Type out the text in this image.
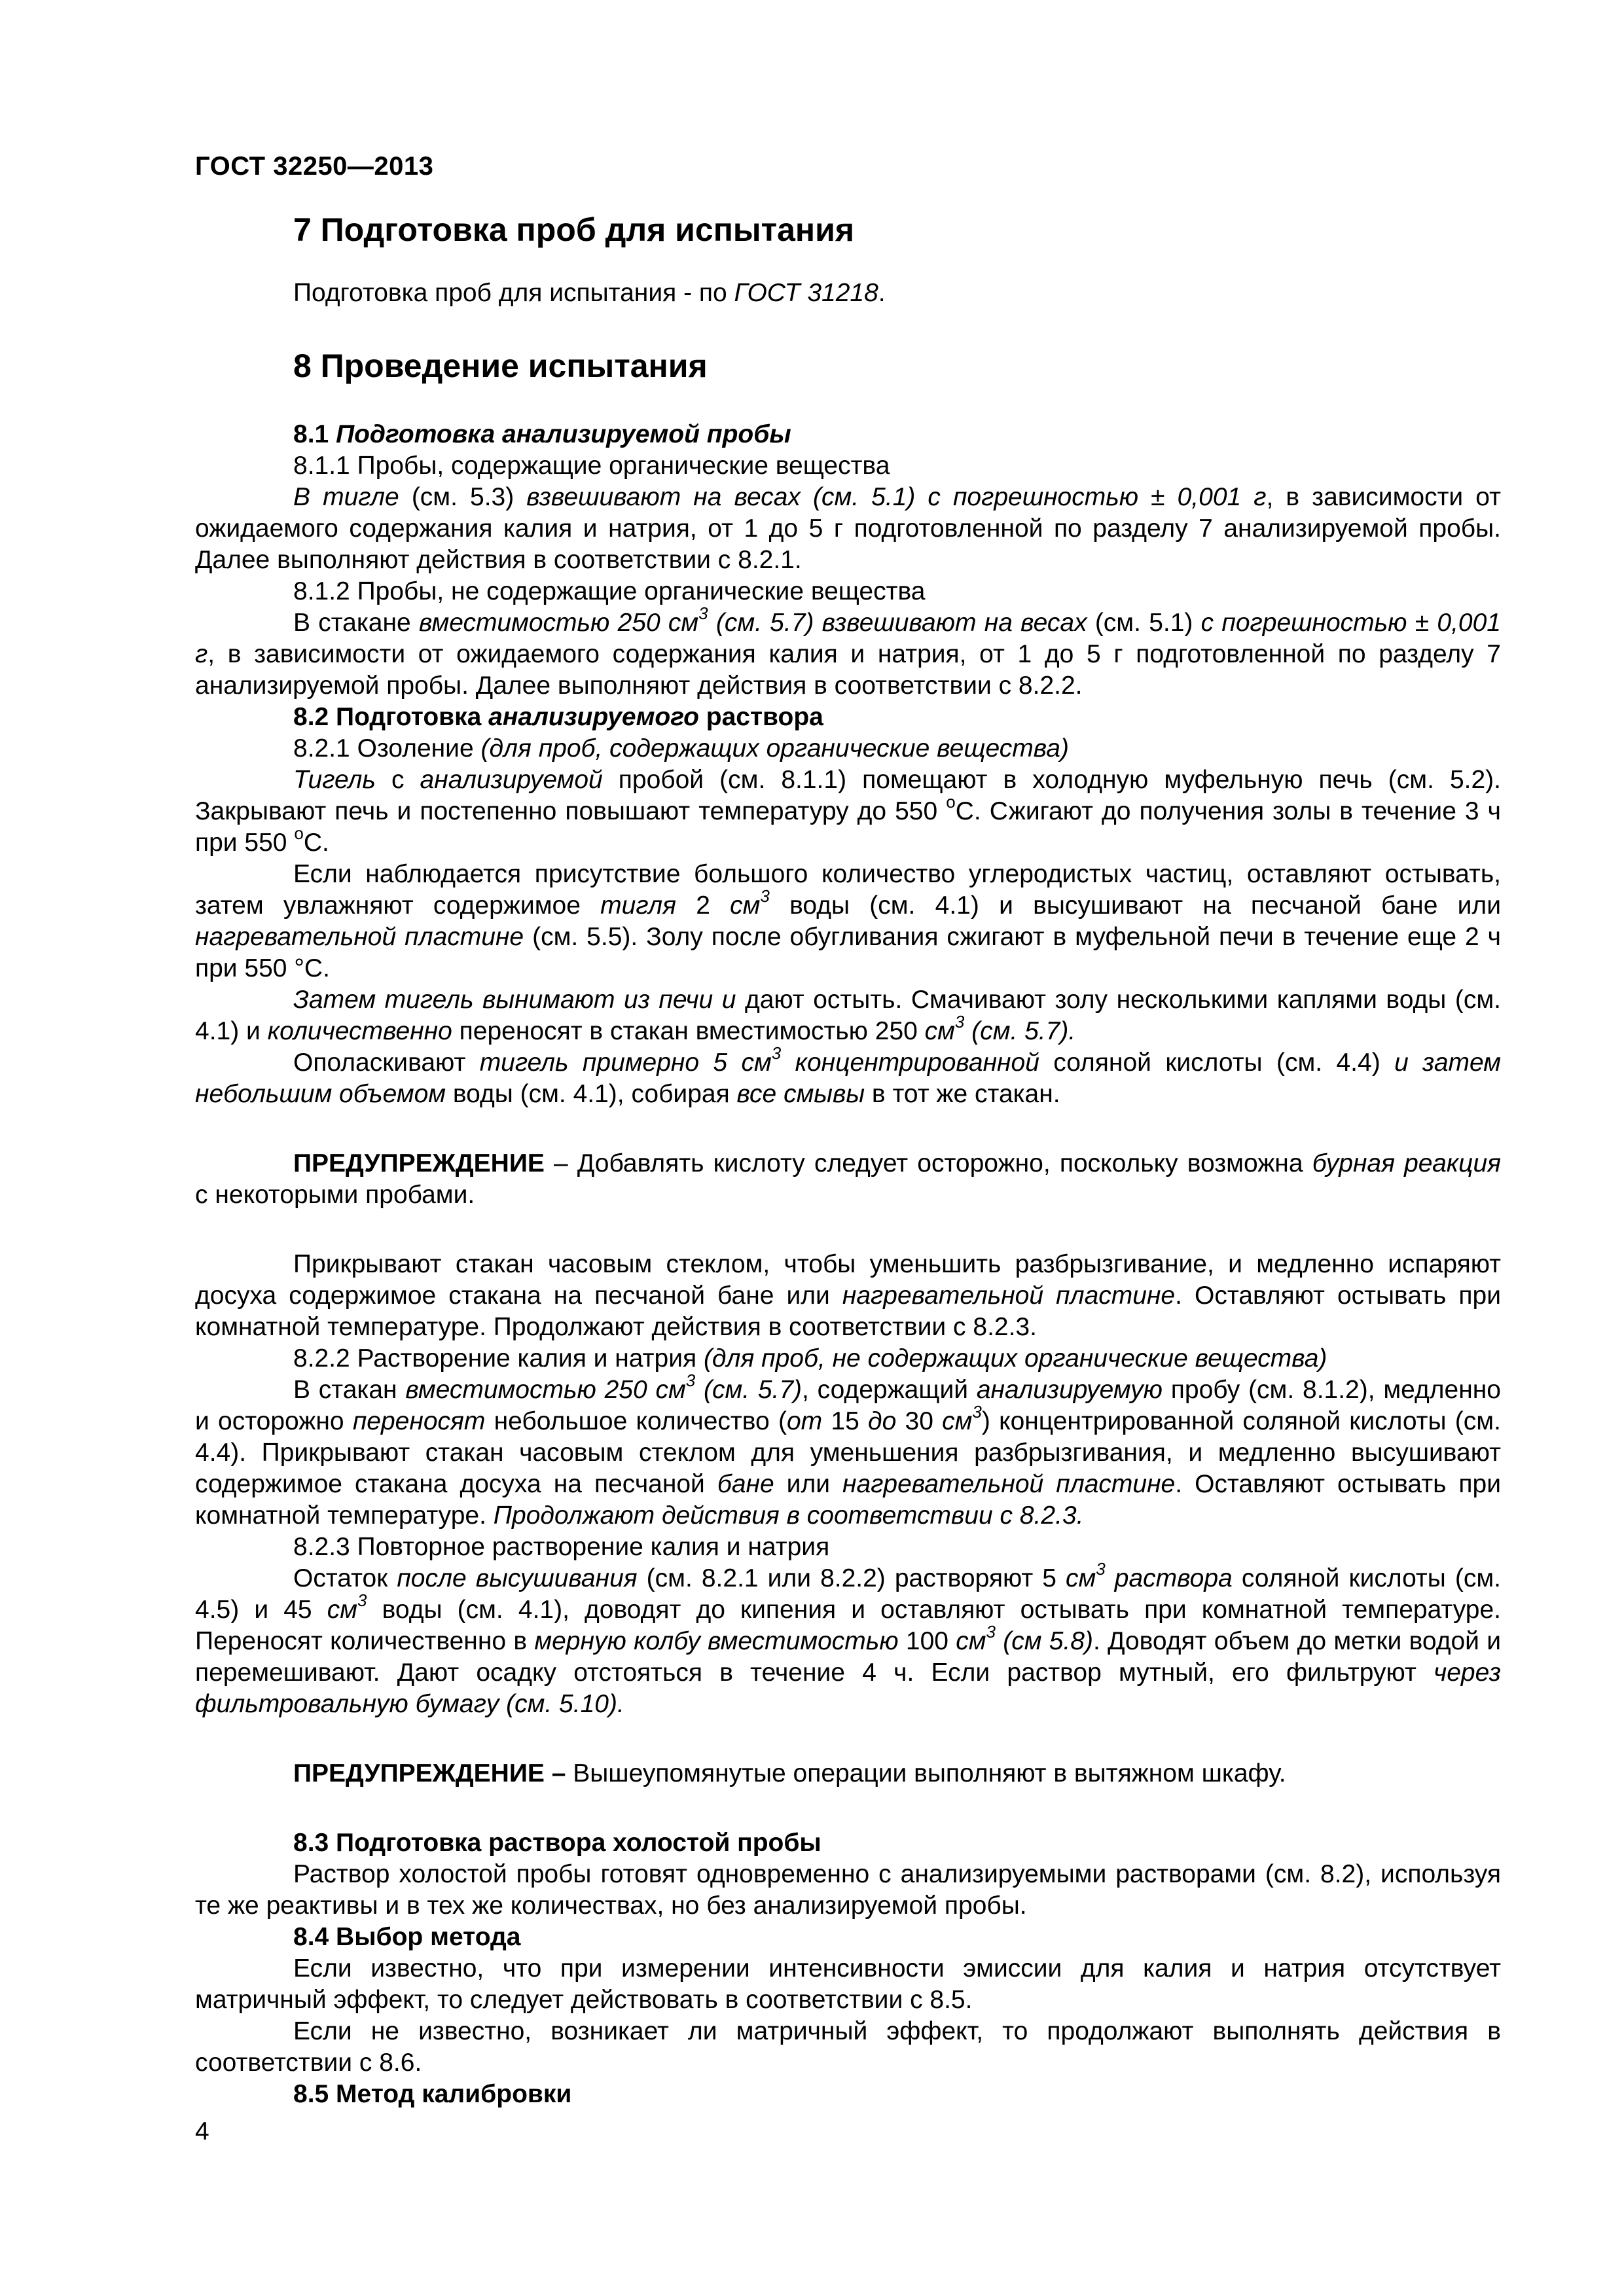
ГОСТ 32250—2013
7 Подготовка проб для испытания

Подготовка проб для испытания - по ГОСТ 31218.

8 Проведение испытания

8.1 Подготовка анализируемой пробы

8.1.1 Пробы, содержащие органические вещества

В тигле (см. 5.3) взвешивают на весах (см. 5.1) с погрешностью ± 0,001 г, в зависимости от ожидаемого содержания калия и натрия, от 1 до 5 г подготовленной по разделу 7 анализируемой пробы. Далее выполняют действия в соответствии с 8.2.1.

8.1.2 Пробы, не содержащие органические вещества

В стакане вместимостью 250 $см^3$ (см. 5.7) взвешивают на весах (см. 5.1) с погрешностью ± 0,001 г, в зависимости от ожидаемого содержания калия и натрия, от 1 до 5 г подготовленной по разделу 7 анализируемой пробы. Далее выполняют действия в соответствии с 8.2.2.

8.2 Подготовка анализируемого раствора

8.2.1 Озоление (для проб, содержащих органические вещества)

Тигель с анализируемой пробой (см. 8.1.1) помещают в холодную муфельную печь (см. 5.2). Закрывают печь и постепенно повышают температуру до 550 $^o$С. Сжигают до получения золы в течение 3 ч при 550 $^o$С.

Если наблюдается присутствие большого количество углеродистых частиц, оставляют остывать, затем увлажняют содержимое тигля 2 $см^3$ воды (см. 4.1) и высушивают на песчаной бане или нагревательной пластине (см. 5.5). Золу после обугливания сжигают в муфельной печи в течение еще 2 ч при 550 °С.

Затем тигель вынимают из печи и дают остыть. Смачивают золу несколькими каплями воды (см. 4.1) и количественно переносят в стакан вместимостью 250 $см^3$ (см. 5.7).

Ополаскивают тигель примерно 5 $см^3$ концентрированной соляной кислоты (см. 4.4) и затем небольшим объемом воды (см. 4.1), собирая все смывы в тот же стакан.

ПРЕДУПРЕЖДЕНИЕ – Добавлять кислоту следует осторожно, поскольку возможна бурная реакция с некоторыми пробами.

Прикрывают стакан часовым стеклом, чтобы уменьшить разбрызгивание, и медленно испаряют досуха содержимое стакана на песчаной бане или нагревательной пластине. Оставляют остывать при комнатной температуре. Продолжают действия в соответствии с 8.2.3.

8.2.2 Растворение калия и натрия (для проб, не содержащих органические вещества)

В стакан вместимостью 250 $см^3$ (см. 5.7), содержащий анализируемую пробу (см. 8.1.2), медленно и осторожно переносят небольшое количество (от 15 до 30 $см^3$) концентрированной соляной кислоты (см. 4.4). Прикрывают стакан часовым стеклом для уменьшения разбрызгивания, и медленно высушивают содержимое стакана досуха на песчаной бане или нагревательной пластине. Оставляют остывать при комнатной температуре. Продолжают действия в соответствии с 8.2.3.

8.2.3 Повторное растворение калия и натрия

Остаток после высушивания (см. 8.2.1 или 8.2.2) растворяют 5 $см^3$ раствора соляной кислоты (см. 4.5) и 45 $см^3$ воды (см. 4.1), доводят до кипения и оставляют остывать при комнатной температуре. Переносят количественно в мерную колбу вместимостью 100 $см^3$ (см 5.8). Доводят объем до метки водой и перемешивают. Дают осадку отстояться в течение 4 ч. Если раствор мутный, его фильтруют через фильтровальную бумагу (см. 5.10).

ПРЕДУПРЕЖДЕНИЕ – Вышеупомянутые операции выполняют в вытяжном шкафу.

8.3 Подготовка раствора холостой пробы

Раствор холостой пробы готовят одновременно с анализируемыми растворами (см. 8.2), используя те же реактивы и в тех же количествах, но без анализируемой пробы.

8.4 Выбор метода

Если известно, что при измерении интенсивности эмиссии для калия и натрия отсутствует матричный эффект, то следует действовать в соответствии с 8.5.

Если не известно, возникает ли матричный эффект, то продолжают выполнять действия в соответствии с 8.6.

8.5 Метод калибровки

4
